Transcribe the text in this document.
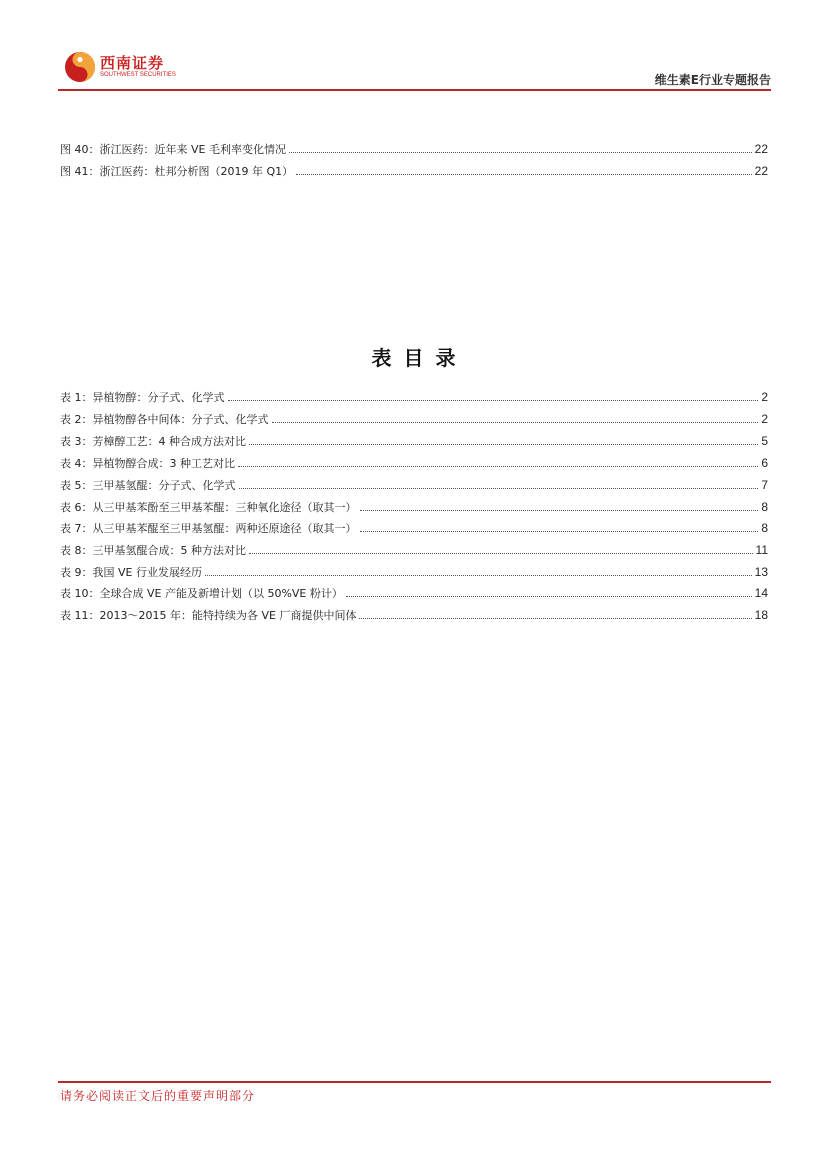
西南证券
SOUTHWEST SECURITIES	维生素E行业专题报告
图 40：浙江医药：近年来 VE 毛利率变化情况	22
图 41：浙江医药：杜邦分析图（2019 年 Q1）	22
表目录
表 1：异植物醇：分子式、化学式	2
表 2：异植物醇各中间体：分子式、化学式	2
表 3：芳樟醇工艺：4 种合成方法对比	5
表 4：异植物醇合成：3 种工艺对比	6
表 5：三甲基氢醌：分子式、化学式	7
表 6：从三甲基苯酚至三甲基苯醌：三种氧化途径（取其一）	8
表 7：从三甲基苯醌至三甲基氢醌：两种还原途径（取其一）	8
表 8：三甲基氢醌合成：5 种方法对比	11
表 9：我国 VE 行业发展经历	13
表 10：全球合成 VE 产能及新增计划（以 50%VE 粉计）	14
表 11：2013～2015 年：能特持续为各 VE 厂商提供中间体	18
请务必阅读正文后的重要声明部分
